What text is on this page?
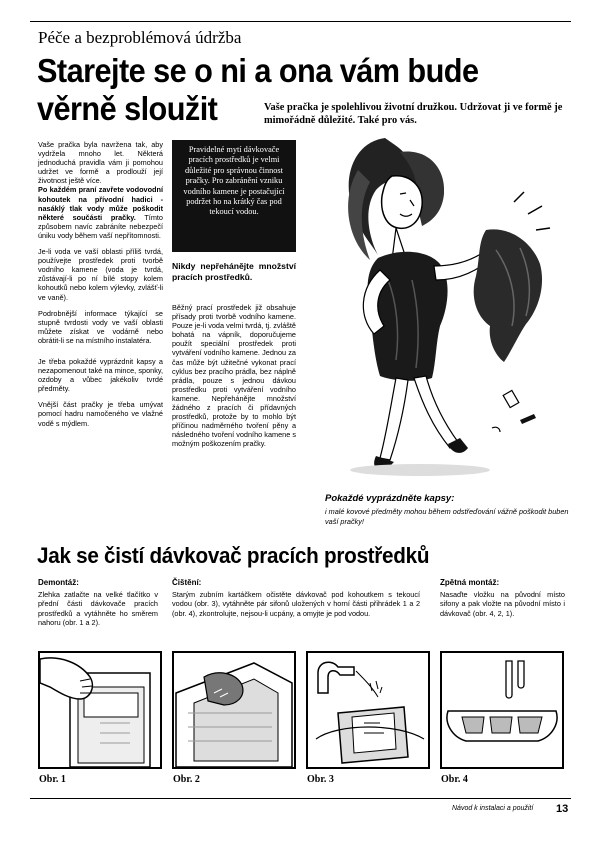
Péče a bezproblémová údržba
Starejte se o ni a ona vám bude
věrně sloužit	Vaše pračka je spolehlivou životní družkou. Udržovat ji ve formě je mimořádně důležité. Také pro vás.

Vaše pračka byla navržena tak, aby vydržela mnoho let. Některá jednoduchá pravidla vám ji pomohou udržet ve formě a prodlouží její životnost ještě více.

Po každém praní zavřete vodovodní kohoutek na přívodní hadici - nasáklý tlak vody může poškodit některé součásti pračky. Tímto způsobem navíc zabráníte nebezpečí úniku vody během vaší nepřítomnosti.

Je-li voda ve vaší oblasti příliš tvrdá, používejte prostředek proti tvorbě vodního kamene (voda je tvrdá, zůstávají-li po ní bílé stopy kolem kohoutků nebo kolem výlevky, zvlášť-li ve vaně).

Podrobnější informace týkající se stupně tvrdosti vody ve vaší oblasti můžete získat ve vodárně nebo obrátit-li se na místního instalatéra.

Je třeba pokaždé vyprázdnit kapsy a nezapomenout také na mince, sponky, ozdoby a vůbec jakékoliv tvrdé předměty.

Vnější část pračky je třeba umývat pomocí hadru namočeného ve vlažné vodě s mýdlem.

Pravidelné mytí dávkovače pracích prostředků je velmi důležité pro správnou činnost pračky. Pro zabránění vzniku vodního kamene je postačující podržet ho na krátký čas pod tekoucí vodou.
Nikdy nepřehánějte množství pracích prostředků.
Běžný prací prostředek již obsahuje přísady proti tvorbě vodního kamene. Pouze je-li voda velmi tvrdá, tj. zvláště bohatá na vápník, doporučujeme použít speciální prostředek proti vytváření vodního kamene. Jednou za čas může být užitečné vykonat prací cyklus bez pracího prádla, bez náplně prádla, pouze s jednou dávkou prostředku proti vytváření vodního kamene. Nepřehánějte množství žádného z pracích či přídavných prostředků, protože by to mohlo být příčinou nadměrného tvoření pěny a následného tvoření vodního kamene s možným poškozením pračky.
Pokaždé vyprázdněte kapsy:
i malé kovové předměty mohou během odstřeďování vážně poškodit buben vaší pračky!
Jak se čistí dávkovač pracích prostředků
Demontáž:
Zlehka zatlačte na velké tlačítko v přední části dávkovače pracích prostředků a vytáhněte ho směrem nahoru (obr. 1 a 2).
Čištění:
Starým zubním kartáčkem očistěte dávkovač pod kohoutkem s tekoucí vodou (obr. 3), vytáhněte pár sifonů uložených v horní části přihrádek 1 a 2 (obr. 4), zkontrolujte, nejsou-li ucpány, a omyjte je pod vodou.
Zpětná montáž:
Nasaďte vložku na původní místo sifony a pak vložte na původní místo i dávkovač (obr. 4, 2, 1).
Obr. 1	Obr. 2	Obr. 3	Obr. 4
Návod k instalaci a použití 13
